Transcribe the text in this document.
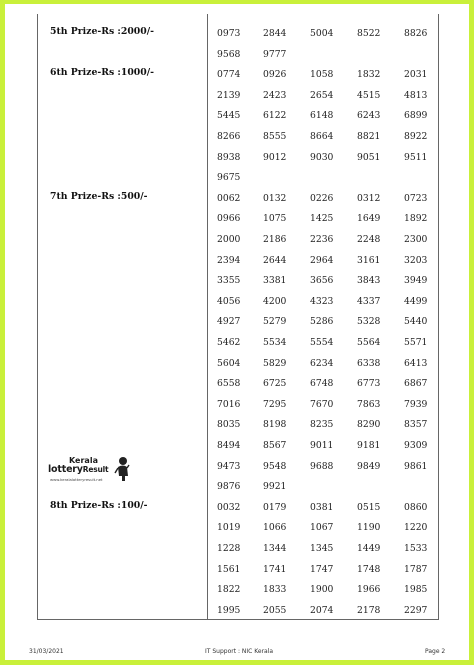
5th Prize-Rs :2000/-	0973 2844	5004	8522	8826
9568 9777
6th Prize-Rs :1000/-	0774 0926	1058	1832	2031
2139 2423	2654	4515	4813
5445 6122	6148	6243	6899
8266 8555	8664	8821	8922
8938 9012	9030	9051	9511
9675
7th Prize-Rs :500/-	0062 0132	0226	0312	0723
0966 1075	1425	1649	1892
2000 2186	2236	2248	2300
2394 2644	2964	3161	3203
3355 3381	3656	3843	3949
4056 4200	4323	4337	4499
4927 5279	5286	5328	5440
5462 5534	5554	5564	5571
5604 5829	6234	6338	6413
6558 6725	6748	6773	6867
7016 7295	7670	7863	7939
8035 8198	8235	8290	8357
8494 8567	9011	9181	9309
9473 9548	9688	9849	9861
9876 9921
8th Prize-Rs :100/-	0032 0179	0381	0515	0860
1019 1066	1067	1190	1220
1228 1344	1345	1449	1533
1561 1741	1747	1748	1787
1822 1833	1900	1966	1985
1995 2055	2074	2178	2297
Kerala
lotteryResult
www.keralalotteryresult.net
31/03/2021	IT Support : NIC Kerala	Page 2
